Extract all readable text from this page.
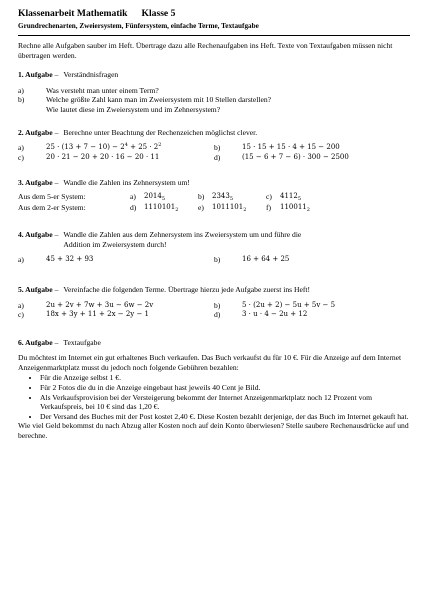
Klassenarbeit Mathematik Klasse 5
Grundrechenarten, Zweiersystem, Fünfersystem, einfache Terme, Textaufgabe
Rechne alle Aufgaben sauber im Heft. Übertrage dazu alle Rechenaufgaben ins Heft. Texte von Textaufgaben müssen nicht übertragen werden.
1. Aufgabe – Verständnisfragen
a)	Was versteht man unter einem Term?
b)	Welche größte Zahl kann man im Zweiersystem mit 10 Stellen darstellen?
Wie lautet diese im Zweiersystem und im Zehnersystem?
2. Aufgabe – Berechne unter Beachtung der Rechenzeichen möglichst clever.
a)	$25 \cdot (13 + 7 - 10) - 2^4 + 25 \cdot 2^2$	b)	15 · 15 + 15 · 4 + 15 − 200
c)	20 · 21 − 20 + 20 · 16 − 20 · 11	d)	(15 − 6 + 7 − 6) · 300 − 2500
3. Aufgabe – Wandle die Zahlen ins Zehnersystem um!
Aus dem 5-er System:	a)	$2014_5$	b)	$2343_5$	c)	$4112_5$
Aus dem 2-er System:	d)	$1110101_2$	e)	$1011101_2$	f)	$110011_2$
4. Aufgabe – Wandle die Zahlen aus dem Zehnersystem ins Zweiersystem um und führe die
Addition im Zweiersystem durch!
a)	45 + 32 + 93	b)	16 + 64 + 25
5. Aufgabe – Vereinfache die folgenden Terme. Übertrage hierzu jede Aufgabe zuerst ins Heft!
a)	2u + 2v + 7w + 3u − 6w − 2v	b)	5 · (2u + 2) − 5u + 5v − 5
c)	18x + 3y + 11 + 2x − 2y − 1	d)	3 · u · 4 − 2u + 12
6. Aufgabe – Textaufgabe
Du möchtest im Internet ein gut erhaltenes Buch verkaufen. Das Buch verkaufst du für 10 €. Für die Anzeige auf dem Internet Anzeigenmarktplatz musst du jedoch noch folgende Gebühren bezahlen:
• Für die Anzeige selbst 1 €.
• Für 2 Fotos die du in die Anzeige eingebaut hast jeweils 40 Cent je Bild.
• Als Verkaufsprovision bei der Versteigerung bekommt der Internet Anzeigenmarktplatz noch 12 Prozent vom Verkaufspreis, bei 10 € sind das 1,20 €.
• Der Versand des Buches mit der Post kostet 2,40 €. Diese Kosten bezahlt derjenige, der das Buch im Internet gekauft hat.
Wie viel Geld bekommst du nach Abzug aller Kosten noch auf dein Konto überwiesen? Stelle saubere Rechenausdrücke auf und berechne.
